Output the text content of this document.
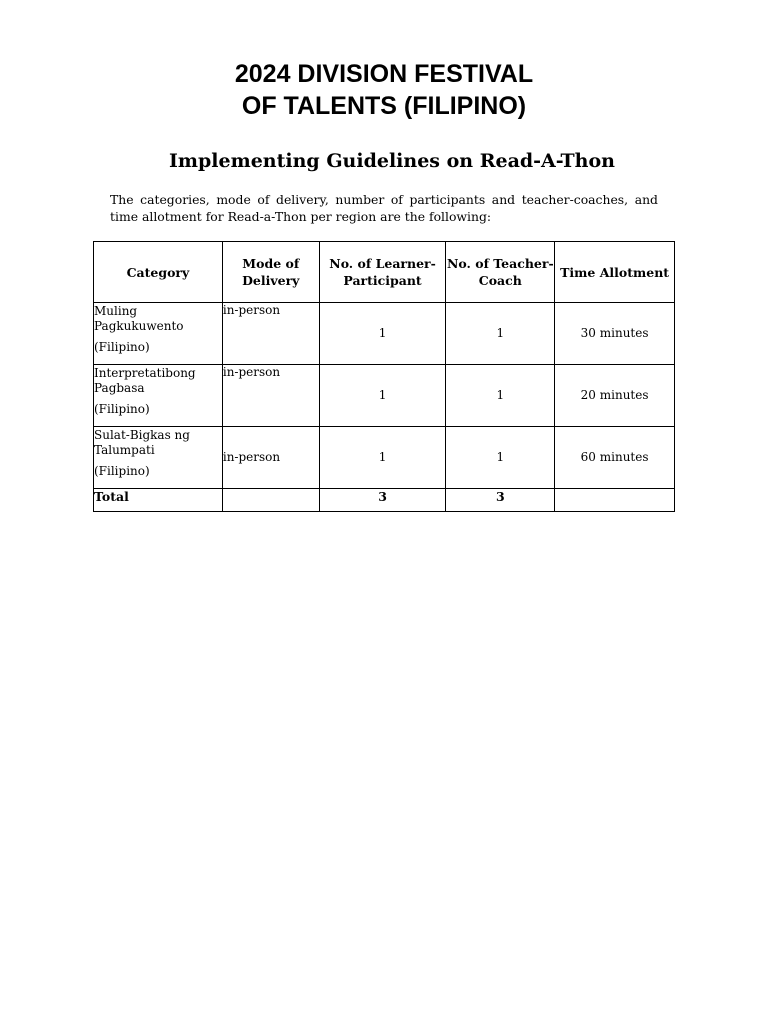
2024 DIVISION FESTIVAL
OF TALENTS (FILIPINO)
Implementing Guidelines on Read-A-Thon

The categories, mode of delivery, number of participants and teacher-coaches, and time allotment for Read-a-Thon per region are the following:

Category	Mode of Delivery	No. of Learner-Participant	No. of Teacher-Coach	Time Allotment

Muling Pagkukuwento
(Filipino)	in-person	1	1	30 minutes

Interpretatibong Pagbasa
(Filipino)	in-person	1	1	20 minutes

Sulat-Bigkas ng Talumpati
(Filipino)	in-person	1	1	60 minutes
Total		3	3	
